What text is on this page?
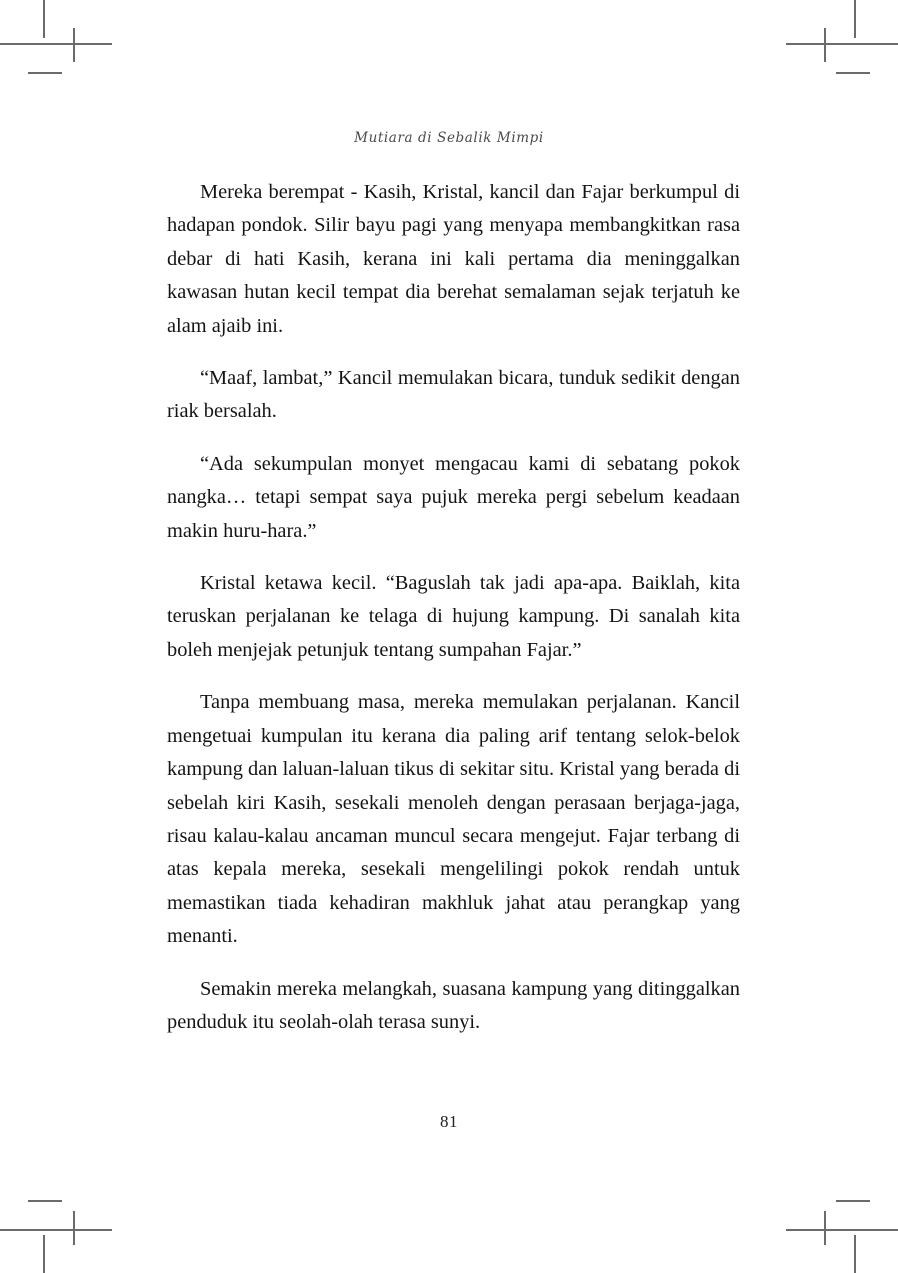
Mutiara di Sebalik Mimpi

Mereka berempat - Kasih, Kristal, kancil dan Fajar berkumpul di hadapan pondok. Silir bayu pagi yang menyapa membangkitkan rasa debar di hati Kasih, kerana ini kali pertama dia meninggalkan kawasan hutan kecil tempat dia berehat semalaman sejak terjatuh ke alam ajaib ini.

“Maaf, lambat,” Kancil memulakan bicara, tunduk sedikit dengan riak bersalah.

“Ada sekumpulan monyet mengacau kami di sebatang pokok nangka… tetapi sempat saya pujuk mereka pergi sebelum keadaan makin huru-hara.”

Kristal ketawa kecil. “Baguslah tak jadi apa-apa. Baiklah, kita teruskan perjalanan ke telaga di hujung kampung. Di sanalah kita boleh menjejak petunjuk tentang sumpahan Fajar.”

Tanpa membuang masa, mereka memulakan perjalanan. Kancil mengetuai kumpulan itu kerana dia paling arif tentang selok-belok kampung dan laluan-laluan tikus di sekitar situ. Kristal yang berada di sebelah kiri Kasih, sesekali menoleh dengan perasaan berjaga-jaga, risau kalau-kalau ancaman muncul secara mengejut. Fajar terbang di atas kepala mereka, sesekali mengelilingi pokok rendah untuk memastikan tiada kehadiran makhluk jahat atau perangkap yang menanti.

Semakin mereka melangkah, suasana kampung yang ditinggalkan penduduk itu seolah-olah terasa sunyi.

81
